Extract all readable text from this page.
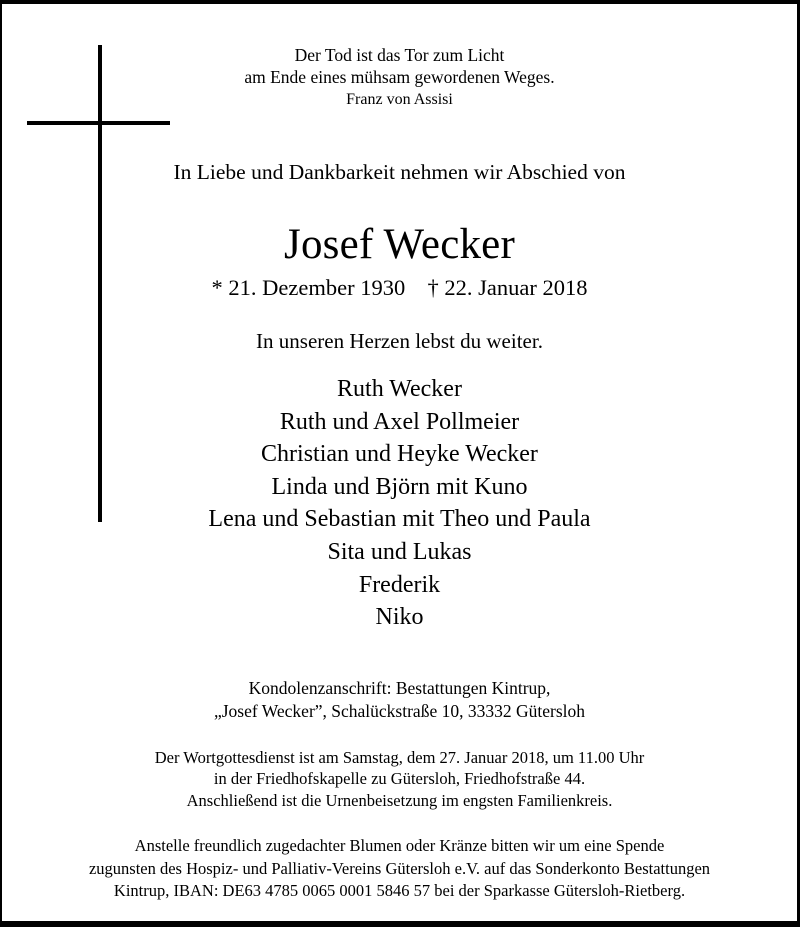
Der Tod ist das Tor zum Licht
am Ende eines mühsam gewordenen Weges.
Franz von Assisi
In Liebe und Dankbarkeit nehmen wir Abschied von
Josef Wecker
* 21. Dezember 1930 † 22. Januar 2018
In unseren Herzen lebst du weiter.
Ruth Wecker
Ruth und Axel Pollmeier
Christian und Heyke Wecker
Linda und Björn mit Kuno
Lena und Sebastian mit Theo und Paula
Sita und Lukas
Frederik
Niko
Kondolenzanschrift: Bestattungen Kintrup,
„Josef Wecker”, Schalückstraße 10, 33332 Gütersloh
Der Wortgottesdienst ist am Samstag, dem 27. Januar 2018, um 11.00 Uhr
in der Friedhofskapelle zu Gütersloh, Friedhofstraße 44.
Anschließend ist die Urnenbeisetzung im engsten Familienkreis.
Anstelle freundlich zugedachter Blumen oder Kränze bitten wir um eine Spende
zugunsten des Hospiz- und Palliativ-Vereins Gütersloh e.V. auf das Sonderkonto Bestattungen
Kintrup, IBAN: DE63 4785 0065 0001 5846 57 bei der Sparkasse Gütersloh-Rietberg.
